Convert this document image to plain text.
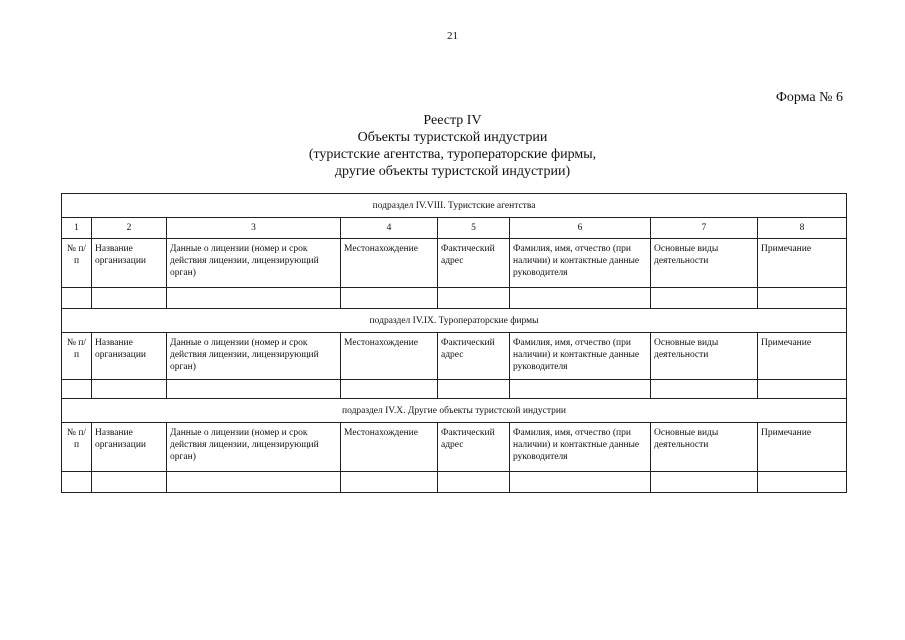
21
Форма № 6
Реестр IV
Объекты туристской индустрии
(туристские агентства, туроператорские фирмы,
другие объекты туристской индустрии)
подраздел IV.VIII. Туристские агентства							
1	2	3	4	5	6	7	8
№ п/п	Название организации	Данные о лицензии (номер и срок действия лицензии, лицензирующий орган)	Местонахождение	Фактический адрес	Фамилия, имя, отчество (при наличии) и контактные данные руководителя	Основные виды деятельности	Примечание

подраздел IV.IX. Туроператорские фирмы							
№ п/п	Название организации	Данные о лицензии (номер и срок действия лицензии, лицензирующий орган)	Местонахождение	Фактический адрес	Фамилия, имя, отчество (при наличии) и контактные данные руководителя	Основные виды деятельности	Примечание

подраздел IV.X. Другие объекты туристской индустрии							
№ п/п	Название организации	Данные о лицензии (номер и срок действия лицензии, лицензирующий орган)	Местонахождение	Фактический адрес	Фамилия, имя, отчество (при наличии) и контактные данные руководителя	Основные виды деятельности	Примечание
